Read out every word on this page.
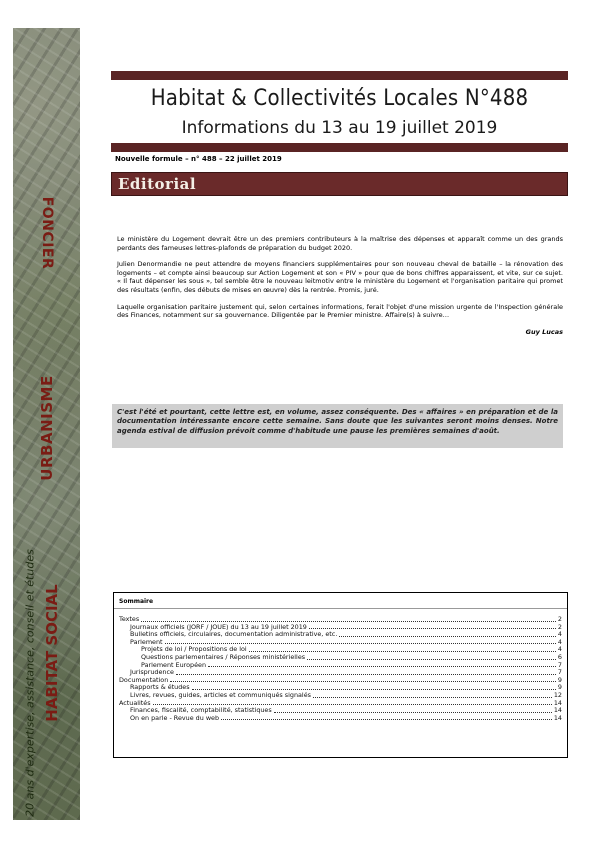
FONCIER
URBANISME
HABITAT SOCIAL
20 ans d'expertise, assistance, conseil et études
Habitat & Collectivités Locales N°488
Informations du 13 au 19 juillet 2019
Nouvelle formule – n° 488 – 22 juillet 2019
Editorial

Le ministère du Logement devrait être un des premiers contributeurs à la maîtrise des dépenses et apparaît comme un des grands perdants des fameuses lettres-plafonds de préparation du budget 2020.

Julien Denormandie ne peut attendre de moyens financiers supplémentaires pour son nouveau cheval de bataille – la rénovation des logements – et compte ainsi beaucoup sur Action Logement et son « PIV » pour que de bons chiffres apparaissent, et vite, sur ce sujet. « Il faut dépenser les sous », tel semble être le nouveau leitmotiv entre le ministère du Logement et l'organisation paritaire qui promet des résultats (enfin, des débuts de mises en œuvre) dès la rentrée. Promis, juré.

Laquelle organisation paritaire justement qui, selon certaines informations, ferait l'objet d'une mission urgente de l'Inspection générale des Finances, notamment sur sa gouvernance. Diligentée par le Premier ministre. Affaire(s) à suivre…

Guy Lucas
C'est l'été et pourtant, cette lettre est, en volume, assez conséquente. Des « affaires » en préparation et de la documentation intéressante encore cette semaine. Sans doute que les suivantes seront moins denses. Notre agenda estival de diffusion prévoit comme d'habitude une pause les premières semaines d'août.
Sommaire
Textes	2
Journaux officiels (JORF / JOUE) du 13 au 19 juillet 2019	2
Bulletins officiels, circulaires, documentation administrative, etc.	4
Parlement	4
Projets de loi / Propositions de loi	4
Questions parlementaires / Réponses ministérielles	6
Parlement Européen	7
Jurisprudence	7
Documentation	9
Rapports & études	9
Livres, revues, guides, articles et communiqués signalés	12
Actualités	14
Finances, fiscalité, comptabilité, statistiques	14
On en parle - Revue du web	14
